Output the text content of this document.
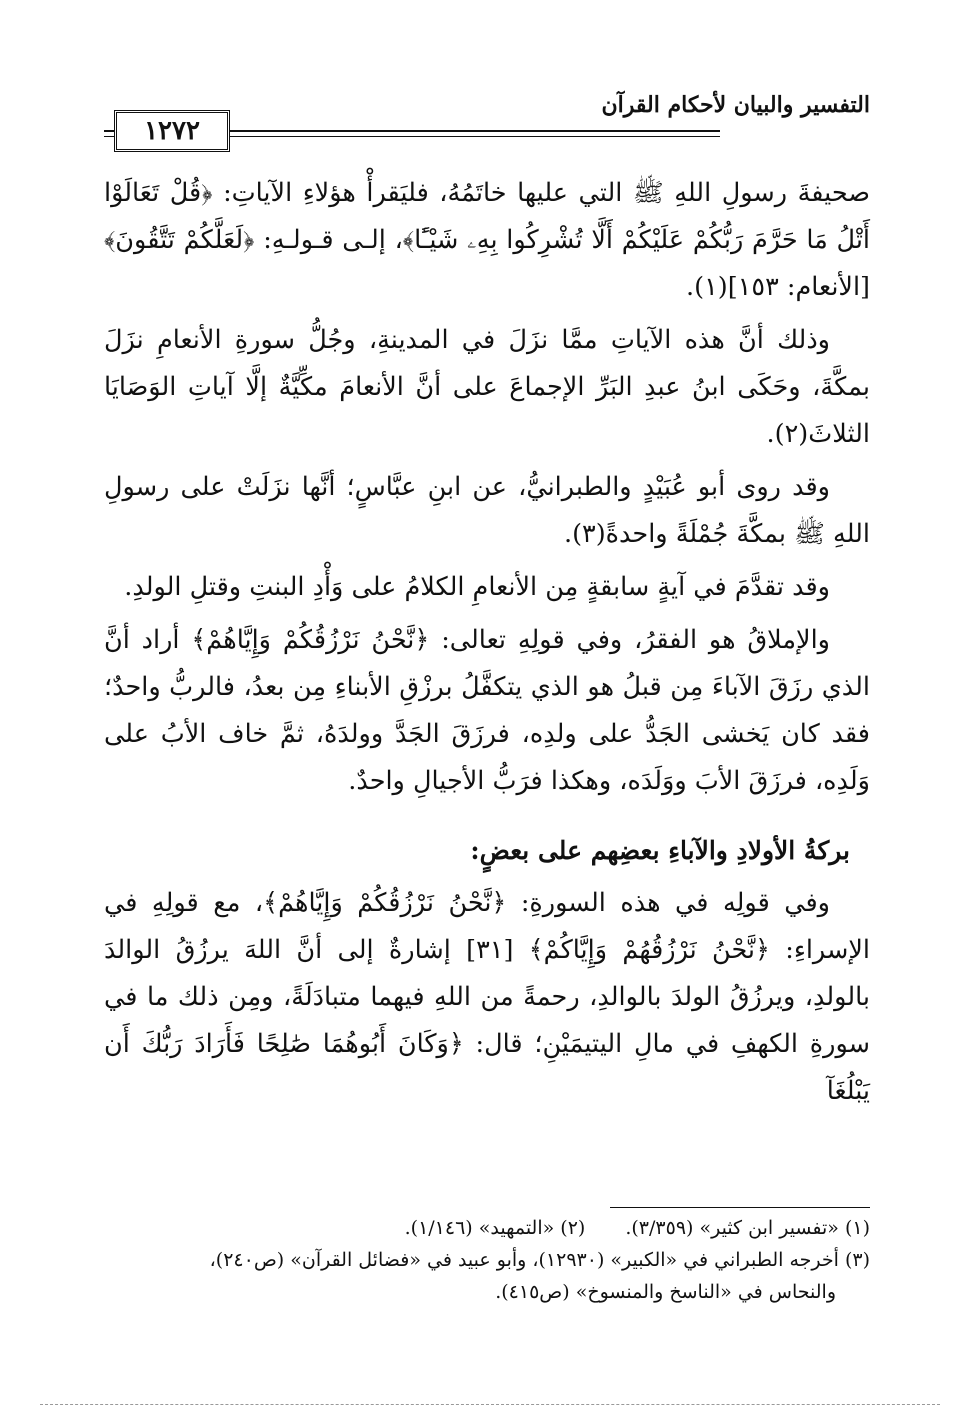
التفسير والبيان لأحكام القرآن
١٢٧٢

صحيفةَ رسولِ اللهِ ﷺ التي عليها خاتَمُهُ، فليَقرأْ هؤلاءِ الآياتِ: ﴿قُلْ تَعَالَوْا أَتْلُ مَا حَرَّمَ رَبُّكُمْ عَلَيْكُمْ أَلَّا تُشْرِكُوا بِهِۦ شَيْـًٔا﴾، إلـى قـولـهِ: ﴿لَعَلَّكُمْ تَتَّقُونَ﴾ [الأنعام: ١٥٣](١).

وذلك أنَّ هذه الآياتِ ممَّا نزَلَ في المدينةِ، وجُلُّ سورةِ الأنعامِ نزَلَ بمكَّةَ، وحَكَى ابنُ عبدِ البَرِّ الإجماعَ على أنَّ الأنعامَ مكِّيَّةٌ إلَّا آياتِ الوَصَايَا الثلاثَ(٢).

وقد روى أبو عُبَيْدٍ والطبرانيُّ، عن ابنِ عبَّاسٍ؛ أنَّها نزَلَتْ على رسولِ اللهِ ﷺ بمكَّةَ جُمْلَةً واحدةً(٣).

وقد تقدَّمَ في آيةٍ سابقةٍ مِن الأنعامِ الكلامُ على وَأْدِ البنتِ وقتلِ الولدِ.

والإملاقُ هو الفقرُ، وفي قولِهِ تعالى: ﴿نَّحْنُ نَرْزُقُكُمْ وَإِيَّاهُمْ﴾ أراد أنَّ الذي رزَقَ الآباءَ مِن قبلُ هو الذي يتكفَّلُ برزْقِ الأبناءِ مِن بعدُ، فالربُّ واحدٌ؛ فقد كان يَخشى الجَدُّ على ولدِه، فرزَقَ الجَدَّ وولدَهُ، ثمَّ خاف الأبُ على وَلَدِه، فرزَقَ الأبَ ووَلَدَه، وهكذا فرَبُّ الأجيالِ واحدٌ.

بركةُ الأولادِ والآباءِ بعضِهم على بعضٍ:

وفي قولِه في هذه السورةِ: ﴿نَّحْنُ نَرْزُقُكُمْ وَإِيَّاهُمْ﴾، مع قولِهِ في الإسراءِ: ﴿نَّحْنُ نَرْزُقُهُمْ وَإِيَّاكُمْ﴾ [٣١] إشارةٌ إلى أنَّ اللهَ يرزُقُ الوالدَ بالولدِ، ويرزُقُ الولدَ بالوالدِ، رحمةً من اللهِ فيهما متبادَلَةً، ومِن ذلك ما في سورةِ الكهفِ في مالِ اليتيمَيْنِ؛ قال: ﴿وَكَانَ أَبُوهُمَا صَٰلِحًا فَأَرَادَ رَبُّكَ أَن يَبْلُغَآ

(١) «تفسير ابن كثير» (٣/٣٥٩).(٢) «التمهيد» (١/١٤٦).
(٣) أخرجه الطبراني في «الكبير» (١٢٩٣٠)، وأبو عبيد في «فضائل القرآن» (ص٢٤٠)،
والنحاس في «الناسخ والمنسوخ» (ص٤١٥).
